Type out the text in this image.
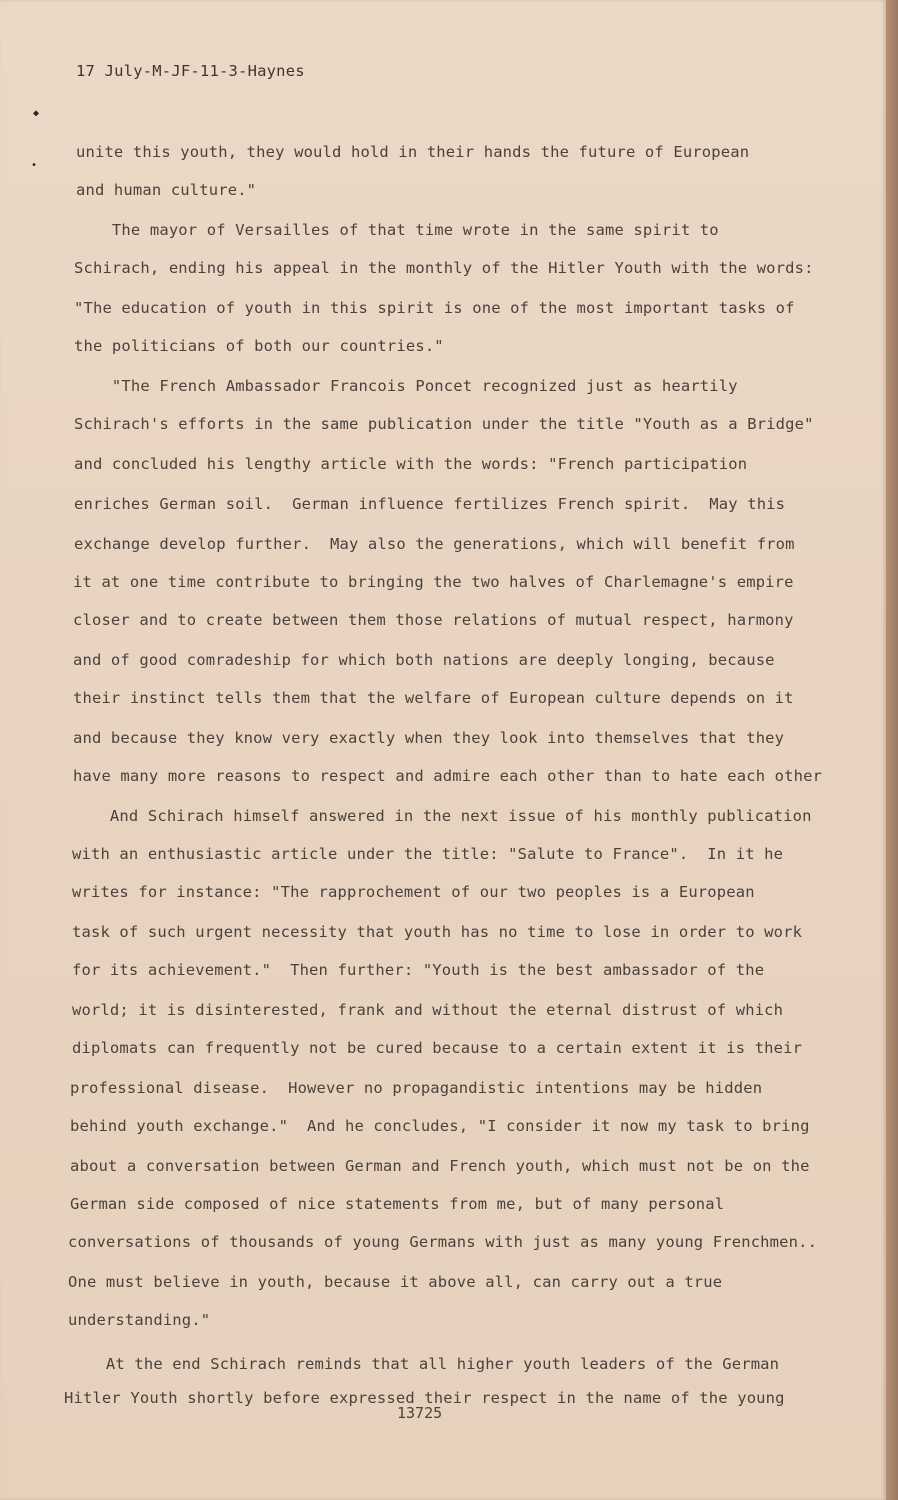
17 July-M-JF-11-3-Haynes
◆
•
unite this youth, they would hold in their hands the future of European
and human culture."
The mayor of Versailles of that time wrote in the same spirit to
Schirach, ending his appeal in the monthly of the Hitler Youth with the words:
"The education of youth in this spirit is one of the most important tasks of
the politicians of both our countries."
"The French Ambassador Francois Poncet recognized just as heartily
Schirach's efforts in the same publication under the title "Youth as a Bridge"
and concluded his lengthy article with the words: "French participation
enriches German soil.  German influence fertilizes French spirit.  May this
exchange develop further.  May also the generations, which will benefit from
it at one time contribute to bringing the two halves of Charlemagne's empire
closer and to create between them those relations of mutual respect, harmony
and of good comradeship for which both nations are deeply longing, because
their instinct tells them that the welfare of European culture depends on it
and because they know very exactly when they look into themselves that they
have many more reasons to respect and admire each other than to hate each other
And Schirach himself answered in the next issue of his monthly publication
with an enthusiastic article under the title: "Salute to France".  In it he
writes for instance: "The rapprochement of our two peoples is a European
task of such urgent necessity that youth has no time to lose in order to work
for its achievement."  Then further: "Youth is the best ambassador of the
world; it is disinterested, frank and without the eternal distrust of which
diplomats can frequently not be cured because to a certain extent it is their
professional disease.  However no propagandistic intentions may be hidden
behind youth exchange."  And he concludes, "I consider it now my task to bring
about a conversation between German and French youth, which must not be on the
German side composed of nice statements from me, but of many personal
conversations of thousands of young Germans with just as many young Frenchmen..
One must believe in youth, because it above all, can carry out a true
understanding."
At the end Schirach reminds that all higher youth leaders of the German
Hitler Youth shortly before expressed their respect in the name of the young
13725
